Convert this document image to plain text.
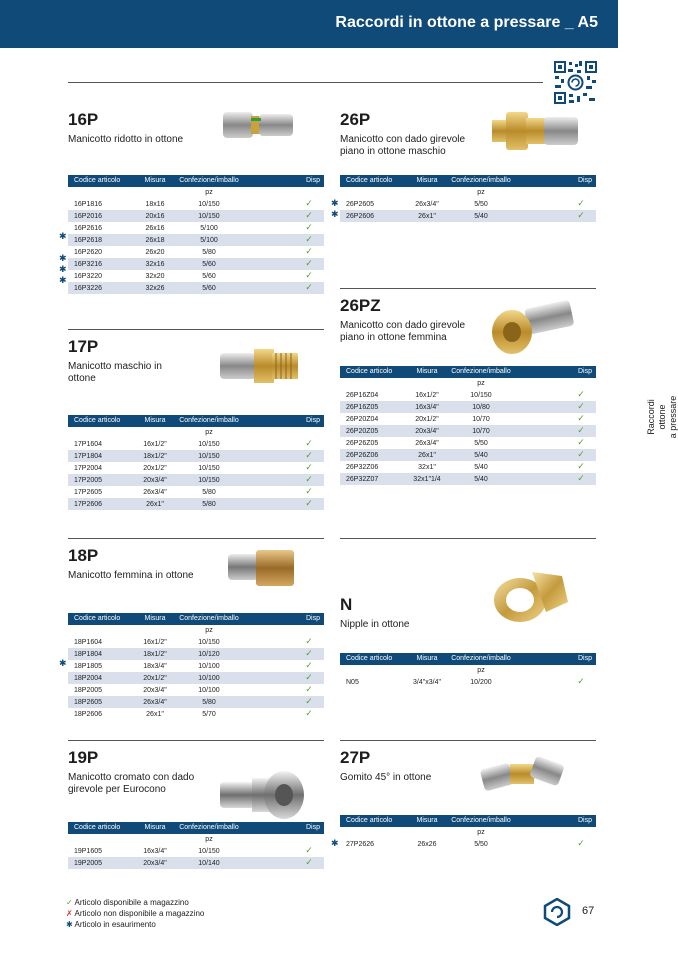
Raccordi in ottone a pressare _ A5
Raccordi ottone a pressare
16P
Manicotto ridotto in ottone
Codice articolo	Misura	Confezione/imballo		Disp
		pz		
16P1816	18x16	10/150		✓
16P2016	20x16	10/150		✓
16P2616	26x16	5/100		✓
16P2618	26x18	5/100		✓
16P2620	26x20	5/80		✓
16P3216	32x16	5/60		✓
16P3220	32x20	5/60		✓
16P3226	32x26	5/60		✓
✱
✱
✱
✱
26P
Manicotto con dado girevole piano in ottone maschio
Codice articolo	Misura	Confezione/imballo		Disp
		pz		
26P2605	26x3/4"	5/50		✓
26P2606	26x1"	5/40		✓
✱
✱
26PZ
Manicotto con dado girevole piano in ottone femmina
Codice articolo	Misura	Confezione/imballo		Disp
		pz		
26P16Z04	16x1/2"	10/150		✓
26P16Z05	16x3/4"	10/80		✓
26P20Z04	20x1/2"	10/70		✓
26P20Z05	20x3/4"	10/70		✓
26P26Z05	26x3/4"	5/50		✓
26P26Z06	26x1"	5/40		✓
26P32Z06	32x1"	5/40		✓
26P32Z07	32x1"1/4	5/40		✓
17P
Manicotto maschio in ottone
Codice articolo	Misura	Confezione/imballo		Disp
		pz		
17P1604	16x1/2"	10/150		✓
17P1804	18x1/2"	10/150		✓
17P2004	20x1/2"	10/150		✓
17P2005	20x3/4"	10/150		✓
17P2605	26x3/4"	5/80		✓
17P2606	26x1"	5/80		✓
18P
Manicotto femmina in ottone
Codice articolo	Misura	Confezione/imballo		Disp
		pz		
18P1604	16x1/2"	10/150		✓
18P1804	18x1/2"	10/120		✓
18P1805	18x3/4"	10/100		✓
18P2004	20x1/2"	10/100		✓
18P2005	20x3/4"	10/100		✓
18P2605	26x3/4"	5/80		✓
18P2606	26x1"	5/70		✓
✱
N
Nipple in ottone
Codice articolo	Misura	Confezione/imballo		Disp
		pz		
N05	3/4"x3/4"	10/200		✓
19P
Manicotto cromato con dado girevole per Eurocono
Codice articolo	Misura	Confezione/imballo		Disp
		pz		
19P1605	16x3/4"	10/150		✓
19P2005	20x3/4"	10/140		✓
27P
Gomito 45° in ottone
Codice articolo	Misura	Confezione/imballo		Disp
		pz		
27P2626	26x26	5/50		✓
✱
✓ Articolo disponibile a magazzino
✗ Articolo non disponibile a magazzino
✱ Articolo in esaurimento
67
